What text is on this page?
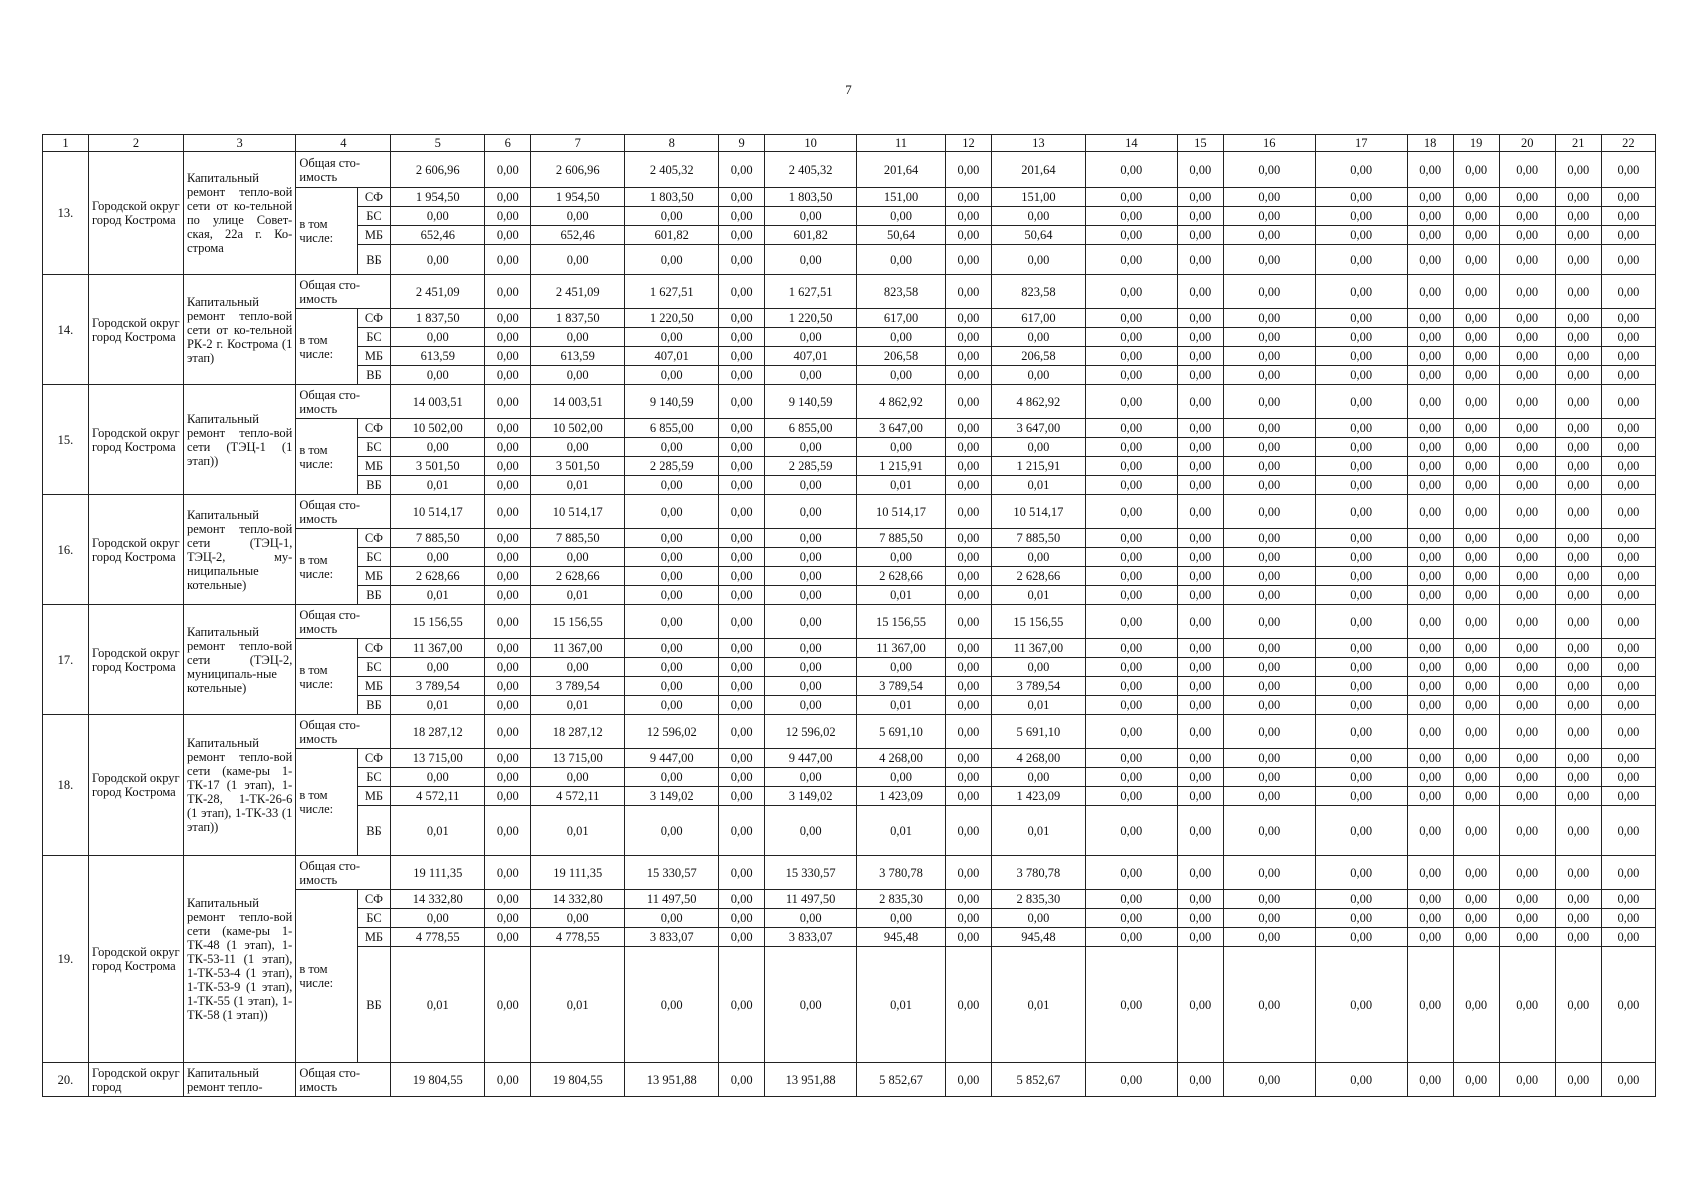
7
1	2	3	4		5	6	7	8	9	10	11	12	13	14	15	16	17	18	19	20	21	22
13.	Городской округ город Кострома	Капитальный ремонт тепло-вой сети от ко-тельной по улице Совет-ская, 22а г. Ко-строма	Общая сто-имость		2 606,96	0,00	2 606,96	2 405,32	0,00	2 405,32	201,64	0,00	201,64	0,00	0,00	0,00	0,00	0,00	0,00	0,00	0,00	0,00
			в том числе:	СФ	1 954,50	0,00	1 954,50	1 803,50	0,00	1 803,50	151,00	0,00	151,00	0,00	0,00	0,00	0,00	0,00	0,00	0,00	0,00	0,00
				БС	0,00	0,00	0,00	0,00	0,00	0,00	0,00	0,00	0,00	0,00	0,00	0,00	0,00	0,00	0,00	0,00	0,00	0,00
				МБ	652,46	0,00	652,46	601,82	0,00	601,82	50,64	0,00	50,64	0,00	0,00	0,00	0,00	0,00	0,00	0,00	0,00	0,00
				ВБ	0,00	0,00	0,00	0,00	0,00	0,00	0,00	0,00	0,00	0,00	0,00	0,00	0,00	0,00	0,00	0,00	0,00	0,00
14.	Городской округ город Кострома	Капитальный ремонт тепло-вой сети от ко-тельной РК-2 г. Кострома (1 этап)	Общая сто-имость		2 451,09	0,00	2 451,09	1 627,51	0,00	1 627,51	823,58	0,00	823,58	0,00	0,00	0,00	0,00	0,00	0,00	0,00	0,00	0,00
			в том числе:	СФ	1 837,50	0,00	1 837,50	1 220,50	0,00	1 220,50	617,00	0,00	617,00	0,00	0,00	0,00	0,00	0,00	0,00	0,00	0,00	0,00
				БС	0,00	0,00	0,00	0,00	0,00	0,00	0,00	0,00	0,00	0,00	0,00	0,00	0,00	0,00	0,00	0,00	0,00	0,00
				МБ	613,59	0,00	613,59	407,01	0,00	407,01	206,58	0,00	206,58	0,00	0,00	0,00	0,00	0,00	0,00	0,00	0,00	0,00
				ВБ	0,00	0,00	0,00	0,00	0,00	0,00	0,00	0,00	0,00	0,00	0,00	0,00	0,00	0,00	0,00	0,00	0,00	0,00
15.	Городской округ город Кострома	Капитальный ремонт тепло-вой сети (ТЭЦ-1 (1 этап))	Общая сто-имость		14 003,51	0,00	14 003,51	9 140,59	0,00	9 140,59	4 862,92	0,00	4 862,92	0,00	0,00	0,00	0,00	0,00	0,00	0,00	0,00	0,00
			в том числе:	СФ	10 502,00	0,00	10 502,00	6 855,00	0,00	6 855,00	3 647,00	0,00	3 647,00	0,00	0,00	0,00	0,00	0,00	0,00	0,00	0,00	0,00
				БС	0,00	0,00	0,00	0,00	0,00	0,00	0,00	0,00	0,00	0,00	0,00	0,00	0,00	0,00	0,00	0,00	0,00	0,00
				МБ	3 501,50	0,00	3 501,50	2 285,59	0,00	2 285,59	1 215,91	0,00	1 215,91	0,00	0,00	0,00	0,00	0,00	0,00	0,00	0,00	0,00
				ВБ	0,01	0,00	0,01	0,00	0,00	0,00	0,01	0,00	0,01	0,00	0,00	0,00	0,00	0,00	0,00	0,00	0,00	0,00
16.	Городской округ город Кострома	Капитальный ремонт тепло-вой сети (ТЭЦ-1, ТЭЦ-2, му-ниципальные котельные)	Общая сто-имость		10 514,17	0,00	10 514,17	0,00	0,00	0,00	10 514,17	0,00	10 514,17	0,00	0,00	0,00	0,00	0,00	0,00	0,00	0,00	0,00
			в том числе:	СФ	7 885,50	0,00	7 885,50	0,00	0,00	0,00	7 885,50	0,00	7 885,50	0,00	0,00	0,00	0,00	0,00	0,00	0,00	0,00	0,00
				БС	0,00	0,00	0,00	0,00	0,00	0,00	0,00	0,00	0,00	0,00	0,00	0,00	0,00	0,00	0,00	0,00	0,00	0,00
				МБ	2 628,66	0,00	2 628,66	0,00	0,00	0,00	2 628,66	0,00	2 628,66	0,00	0,00	0,00	0,00	0,00	0,00	0,00	0,00	0,00
				ВБ	0,01	0,00	0,01	0,00	0,00	0,00	0,01	0,00	0,01	0,00	0,00	0,00	0,00	0,00	0,00	0,00	0,00	0,00
17.	Городской округ город Кострома	Капитальный ремонт тепло-вой сети (ТЭЦ-2, муниципаль-ные котельные)	Общая сто-имость		15 156,55	0,00	15 156,55	0,00	0,00	0,00	15 156,55	0,00	15 156,55	0,00	0,00	0,00	0,00	0,00	0,00	0,00	0,00	0,00
			в том числе:	СФ	11 367,00	0,00	11 367,00	0,00	0,00	0,00	11 367,00	0,00	11 367,00	0,00	0,00	0,00	0,00	0,00	0,00	0,00	0,00	0,00
				БС	0,00	0,00	0,00	0,00	0,00	0,00	0,00	0,00	0,00	0,00	0,00	0,00	0,00	0,00	0,00	0,00	0,00	0,00
				МБ	3 789,54	0,00	3 789,54	0,00	0,00	0,00	3 789,54	0,00	3 789,54	0,00	0,00	0,00	0,00	0,00	0,00	0,00	0,00	0,00
				ВБ	0,01	0,00	0,01	0,00	0,00	0,00	0,01	0,00	0,01	0,00	0,00	0,00	0,00	0,00	0,00	0,00	0,00	0,00
18.	Городской округ город Кострома	Капитальный ремонт тепло-вой сети (каме-ры 1-ТК-17 (1 этап), 1-ТК-28, 1-ТК-26-6 (1 этап), 1-ТК-33 (1 этап))	Общая сто-имость		18 287,12	0,00	18 287,12	12 596,02	0,00	12 596,02	5 691,10	0,00	5 691,10	0,00	0,00	0,00	0,00	0,00	0,00	0,00	0,00	0,00
			в том числе:	СФ	13 715,00	0,00	13 715,00	9 447,00	0,00	9 447,00	4 268,00	0,00	4 268,00	0,00	0,00	0,00	0,00	0,00	0,00	0,00	0,00	0,00
				БС	0,00	0,00	0,00	0,00	0,00	0,00	0,00	0,00	0,00	0,00	0,00	0,00	0,00	0,00	0,00	0,00	0,00	0,00
				МБ	4 572,11	0,00	4 572,11	3 149,02	0,00	3 149,02	1 423,09	0,00	1 423,09	0,00	0,00	0,00	0,00	0,00	0,00	0,00	0,00	0,00
				ВБ	0,01	0,00	0,01	0,00	0,00	0,00	0,01	0,00	0,01	0,00	0,00	0,00	0,00	0,00	0,00	0,00	0,00	0,00
19.	Городской округ город Кострома	Капитальный ремонт тепло-вой сети (каме-ры 1-ТК-48 (1 этап), 1-ТК-53-11 (1 этап), 1-ТК-53-4 (1 этап), 1-ТК-53-9 (1 этап), 1-ТК-55 (1 этап), 1-ТК-58 (1 этап))	Общая сто-имость		19 111,35	0,00	19 111,35	15 330,57	0,00	15 330,57	3 780,78	0,00	3 780,78	0,00	0,00	0,00	0,00	0,00	0,00	0,00	0,00	0,00
			в том числе:	СФ	14 332,80	0,00	14 332,80	11 497,50	0,00	11 497,50	2 835,30	0,00	2 835,30	0,00	0,00	0,00	0,00	0,00	0,00	0,00	0,00	0,00
				БС	0,00	0,00	0,00	0,00	0,00	0,00	0,00	0,00	0,00	0,00	0,00	0,00	0,00	0,00	0,00	0,00	0,00	0,00
				МБ	4 778,55	0,00	4 778,55	3 833,07	0,00	3 833,07	945,48	0,00	945,48	0,00	0,00	0,00	0,00	0,00	0,00	0,00	0,00	0,00
				ВБ	0,01	0,00	0,01	0,00	0,00	0,00	0,01	0,00	0,01	0,00	0,00	0,00	0,00	0,00	0,00	0,00	0,00	0,00
20.	Городской округ город	Капитальный ремонт тепло-	Общая сто-имость		19 804,55	0,00	19 804,55	13 951,88	0,00	13 951,88	5 852,67	0,00	5 852,67	0,00	0,00	0,00	0,00	0,00	0,00	0,00	0,00	0,00
